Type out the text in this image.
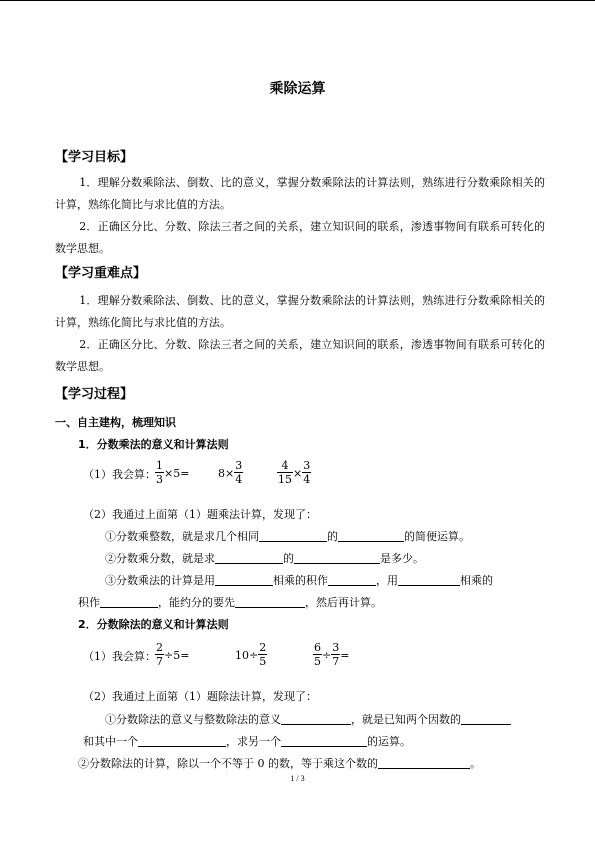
乘除运算
【学习目标】
1．理解分数乘除法、倒数、比的意义，掌握分数乘除法的计算法则，熟练进行分数乘除相关的计算，熟练化简比与求比值的方法。
2．正确区分比、分数、除法三者之间的关系，建立知识间的联系，渗透事物间有联系可转化的数学思想。
【学习重难点】
1．理解分数乘除法、倒数、比的意义，掌握分数乘除法的计算法则，熟练进行分数乘除相关的计算，熟练化简比与求比值的方法。
2．正确区分比、分数、除法三者之间的关系，建立知识间的联系，渗透事物间有联系可转化的数学思想。
【学习过程】
一、自主建构，梳理知识
1．分数乘法的意义和计算法则
（1）我会算： $\frac{1}{3} \times 5=$	$8\times \frac{3}{4}$	$\frac{4}{15} \times \frac{3}{4}$
（2）我通过上面第（1）题乘法计算，发现了：
①分数乘整数，就是求几个相同	的	的简便运算。
②分数乘分数，就是求	的	是多少。
③分数乘法的计算是用	相乘的积作	，用	相乘的
积作	，能约分的要先	，然后再计算。
2．分数除法的意义和计算法则
（1）我会算： $\frac{2}{7} \div 5=$	$10\div \frac{2}{5}$	$\frac{6}{5} \div \frac{3}{7}$ =
（2）我通过上面第（1）题除法计算，发现了：
①分数除法的意义与整数除法的意义	，就是已知两个因数的
和其中一个	，求另一个	的运算。
②分数除法的计算，除以一个不等于 0 的数，等于乘这个数的	。
1 / 3
